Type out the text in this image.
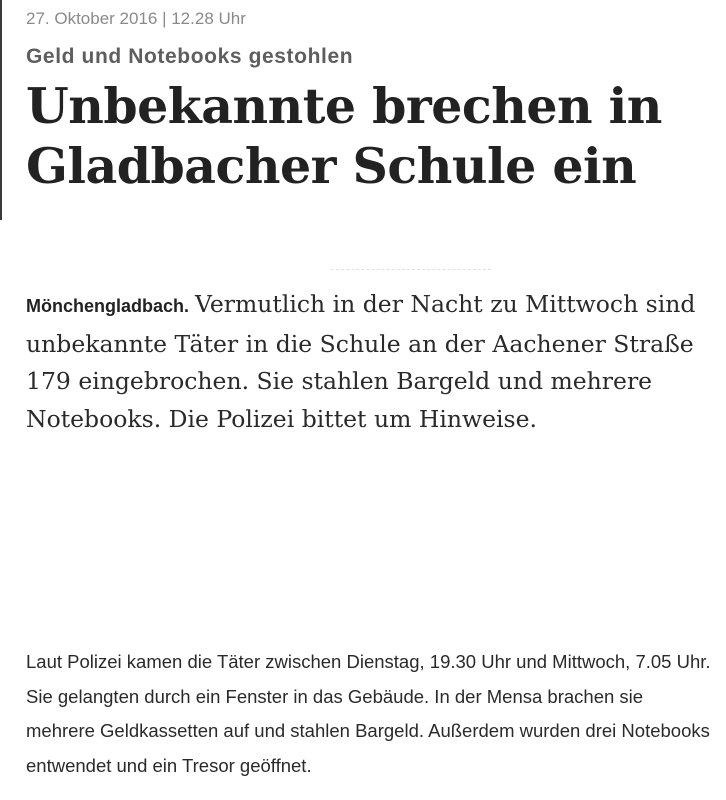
27. Oktober 2016 | 12.28 Uhr
Geld und Notebooks gestohlen
Unbekannte brechen in Gladbacher Schule ein

Mönchengladbach. Vermutlich in der Nacht zu Mittwoch sind unbekannte Täter in die Schule an der Aachener Straße 179 eingebrochen. Sie stahlen Bargeld und mehrere Notebooks. Die Polizei bittet um Hinweise.

Laut Polizei kamen die Täter zwischen Dienstag, 19.30 Uhr und Mittwoch, 7.05 Uhr. Sie gelangten durch ein Fenster in das Gebäude. In der Mensa brachen sie mehrere Geldkassetten auf und stahlen Bargeld. Außerdem wurden drei Notebooks entwendet und ein Tresor geöffnet.
